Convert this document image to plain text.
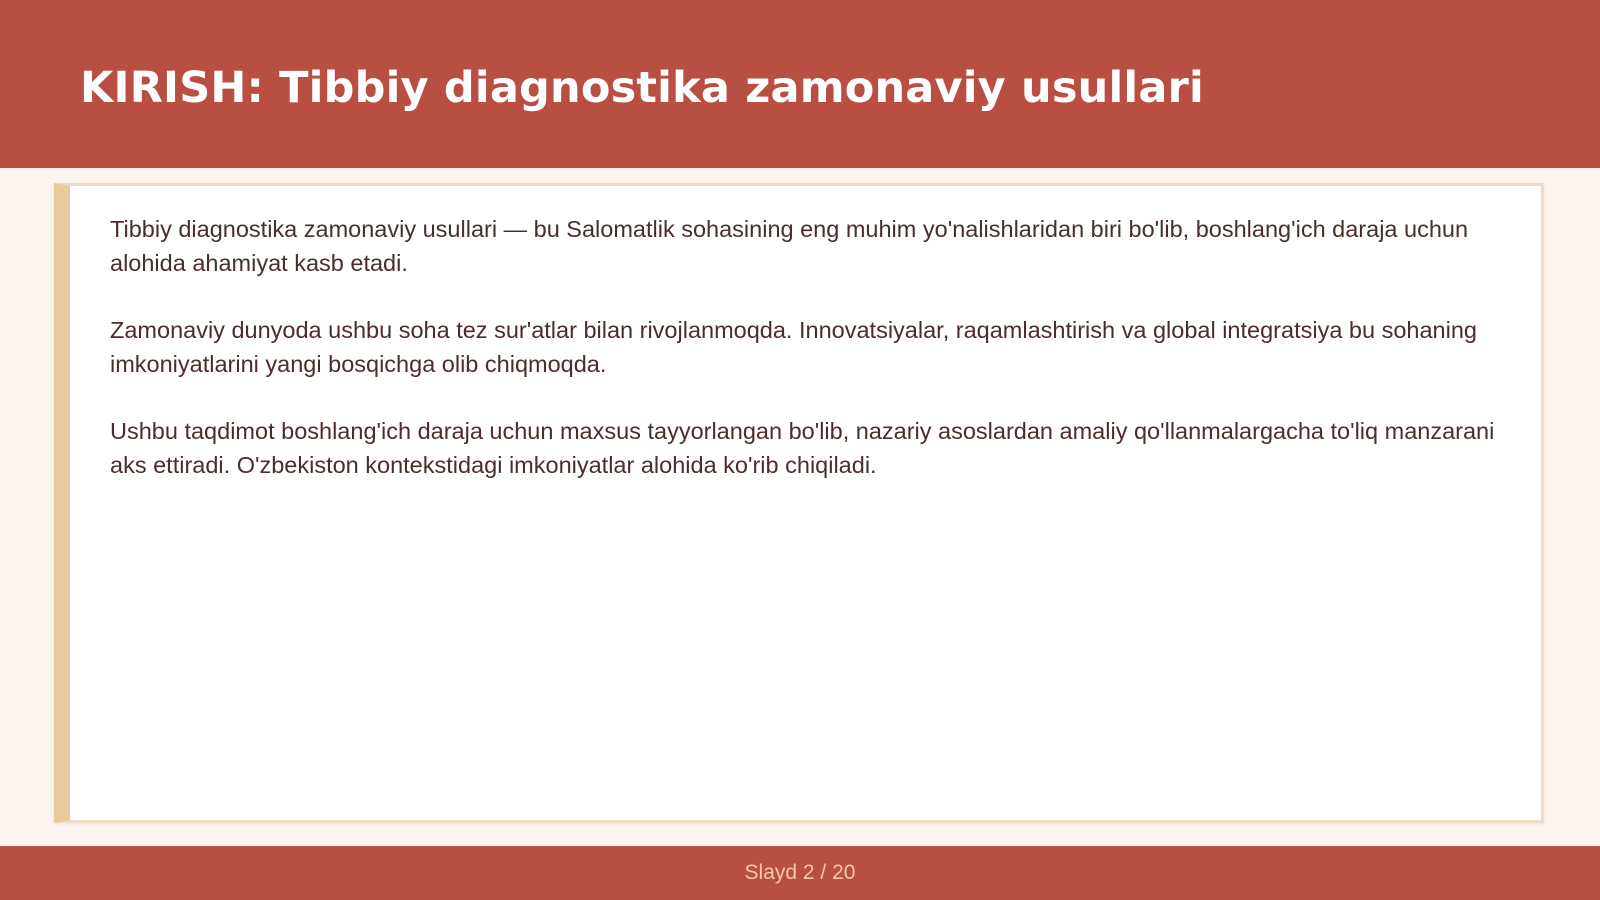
KIRISH: Tibbiy diagnostika zamonaviy usullari

Tibbiy diagnostika zamonaviy usullari — bu Salomatlik sohasining eng muhim yo'nalishlaridan biri bo'lib, boshlang'ich daraja uchun alohida ahamiyat kasb etadi.

Zamonaviy dunyoda ushbu soha tez sur'atlar bilan rivojlanmoqda. Innovatsiyalar, raqamlashtirish va global integratsiya bu sohaning imkoniyatlarini yangi bosqichga olib chiqmoqda.

Ushbu taqdimot boshlang'ich daraja uchun maxsus tayyorlangan bo'lib, nazariy asoslardan amaliy qo'llanmalargacha to'liq manzarani aks ettiradi. O'zbekiston kontekstidagi imkoniyatlar alohida ko'rib chiqiladi.

Slayd 2 / 20
